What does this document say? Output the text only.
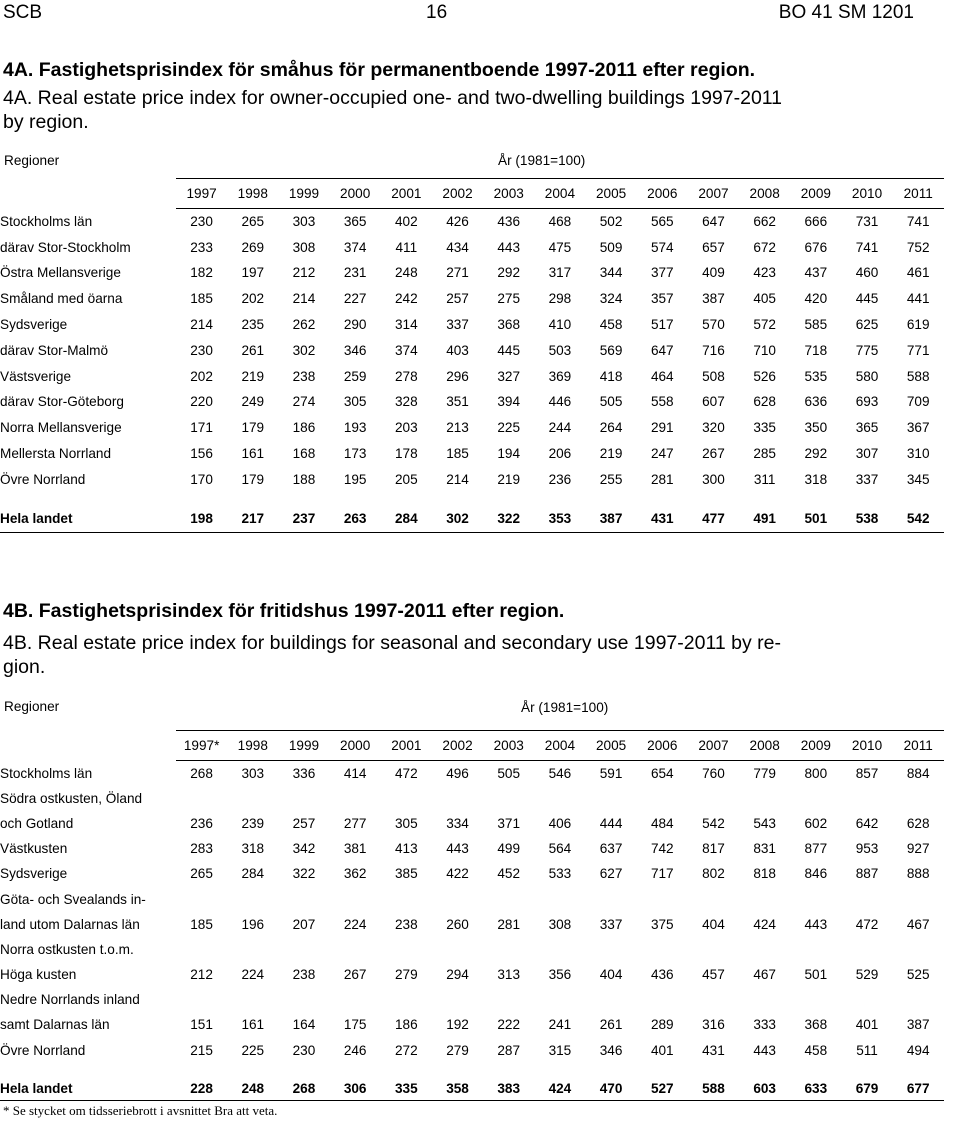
SCB	16	BO 41 SM 1201
4A. Fastighetsprisindex för småhus för permanentboende 1997-2011 efter region.
4A. Real estate price index for owner-occupied one- and two-dwelling buildings 1997-2011
by region.
Regioner	År (1981=100)
	1997	1998	1999	2000	2001	2002	2003	2004	2005	2006	2007	2008	2009	2010	2011

Stockholms län	230	265	303	365	402	426	436	468	502	565	647	662	666	731	741
därav Stor-Stockholm	233	269	308	374	411	434	443	475	509	574	657	672	676	741	752
Östra Mellansverige	182	197	212	231	248	271	292	317	344	377	409	423	437	460	461
Småland med öarna	185	202	214	227	242	257	275	298	324	357	387	405	420	445	441
Sydsverige	214	235	262	290	314	337	368	410	458	517	570	572	585	625	619
därav Stor-Malmö	230	261	302	346	374	403	445	503	569	647	716	710	718	775	771
Västsverige	202	219	238	259	278	296	327	369	418	464	508	526	535	580	588
därav Stor-Göteborg	220	249	274	305	328	351	394	446	505	558	607	628	636	693	709
Norra Mellansverige	171	179	186	193	203	213	225	244	264	291	320	335	350	365	367
Mellersta Norrland	156	161	168	173	178	185	194	206	219	247	267	285	292	307	310
Övre Norrland	170	179	188	195	205	214	219	236	255	281	300	311	318	337	345

Hela landet	198	217	237	263	284	302	322	353	387	431	477	491	501	538	542
4B. Fastighetsprisindex för fritidshus 1997-2011 efter region.
4B. Real estate price index for buildings for seasonal and secondary use 1997-2011 by re-
gion.
Regioner	År (1981=100)
	1997*	1998	1999	2000	2001	2002	2003	2004	2005	2006	2007	2008	2009	2010	2011

Stockholms län	268	303	336	414	472	496	505	546	591	654	760	779	800	857	884
Södra ostkusten, Öland															
och Gotland	236	239	257	277	305	334	371	406	444	484	542	543	602	642	628
Västkusten	283	318	342	381	413	443	499	564	637	742	817	831	877	953	927
Sydsverige	265	284	322	362	385	422	452	533	627	717	802	818	846	887	888
Göta- och Svealands in-															
land utom Dalarnas län	185	196	207	224	238	260	281	308	337	375	404	424	443	472	467
Norra ostkusten t.o.m.															
Höga kusten	212	224	238	267	279	294	313	356	404	436	457	467	501	529	525
Nedre Norrlands inland															
samt Dalarnas län	151	161	164	175	186	192	222	241	261	289	316	333	368	401	387
Övre Norrland	215	225	230	246	272	279	287	315	346	401	431	443	458	511	494

Hela landet	228	248	268	306	335	358	383	424	470	527	588	603	633	679	677
* Se stycket om tidsseriebrott i avsnittet Bra att veta.
